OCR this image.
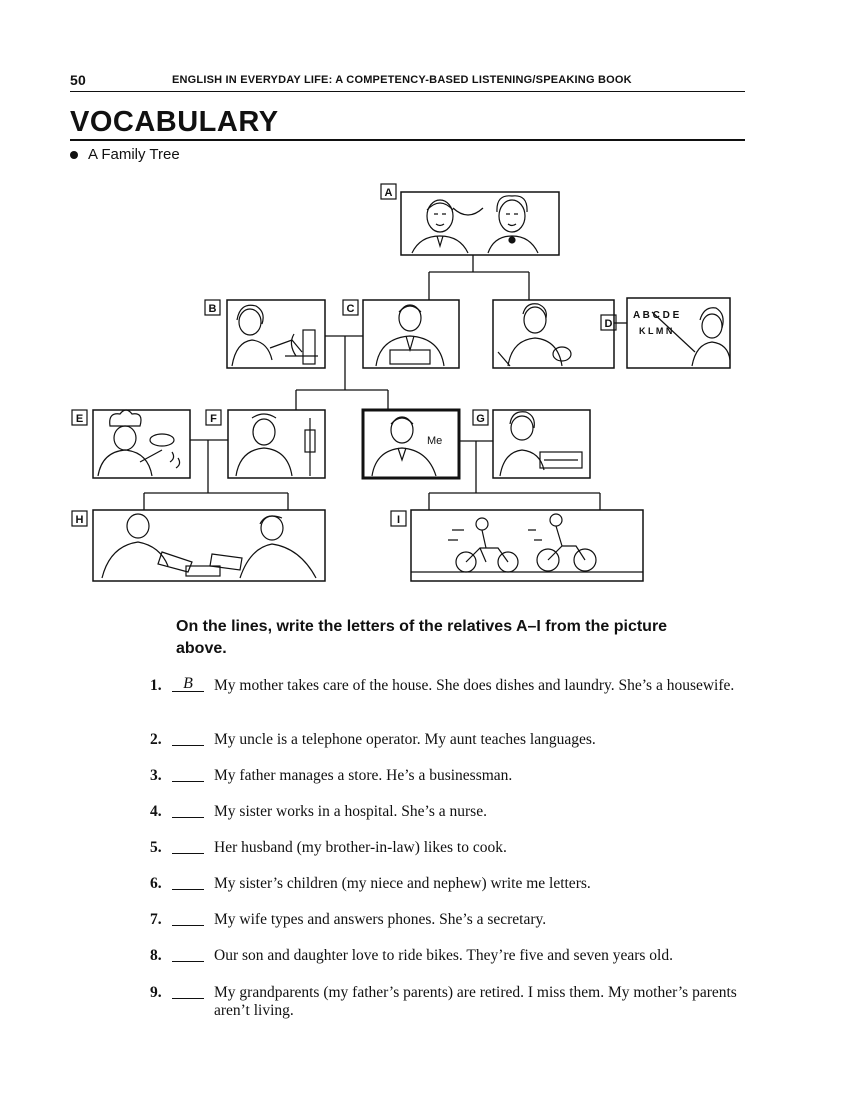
50	ENGLISH IN EVERYDAY LIFE: A COMPETENCY-BASED LISTENING/SPEAKING BOOK
VOCABULARY
A Family Tree
A B C D E
K L M N
Me
A
B	C
D
E	F	G
H	I
On the lines, write the letters of the relatives A–I from the picture above.
1.	B	My mother takes care of the house. She does dishes and laundry. She’s a housewife.
2.	My uncle is a telephone operator. My aunt teaches languages.
3.	My father manages a store. He’s a businessman.
4.	My sister works in a hospital. She’s a nurse.
5.	Her husband (my brother-in-law) likes to cook.
6.	My sister’s children (my niece and nephew) write me letters.
7.	My wife types and answers phones. She’s a secretary.
8.	Our son and daughter love to ride bikes. They’re five and seven years old.
9.	My grandparents (my father’s parents) are retired. I miss them. My mother’s parents aren’t living.
